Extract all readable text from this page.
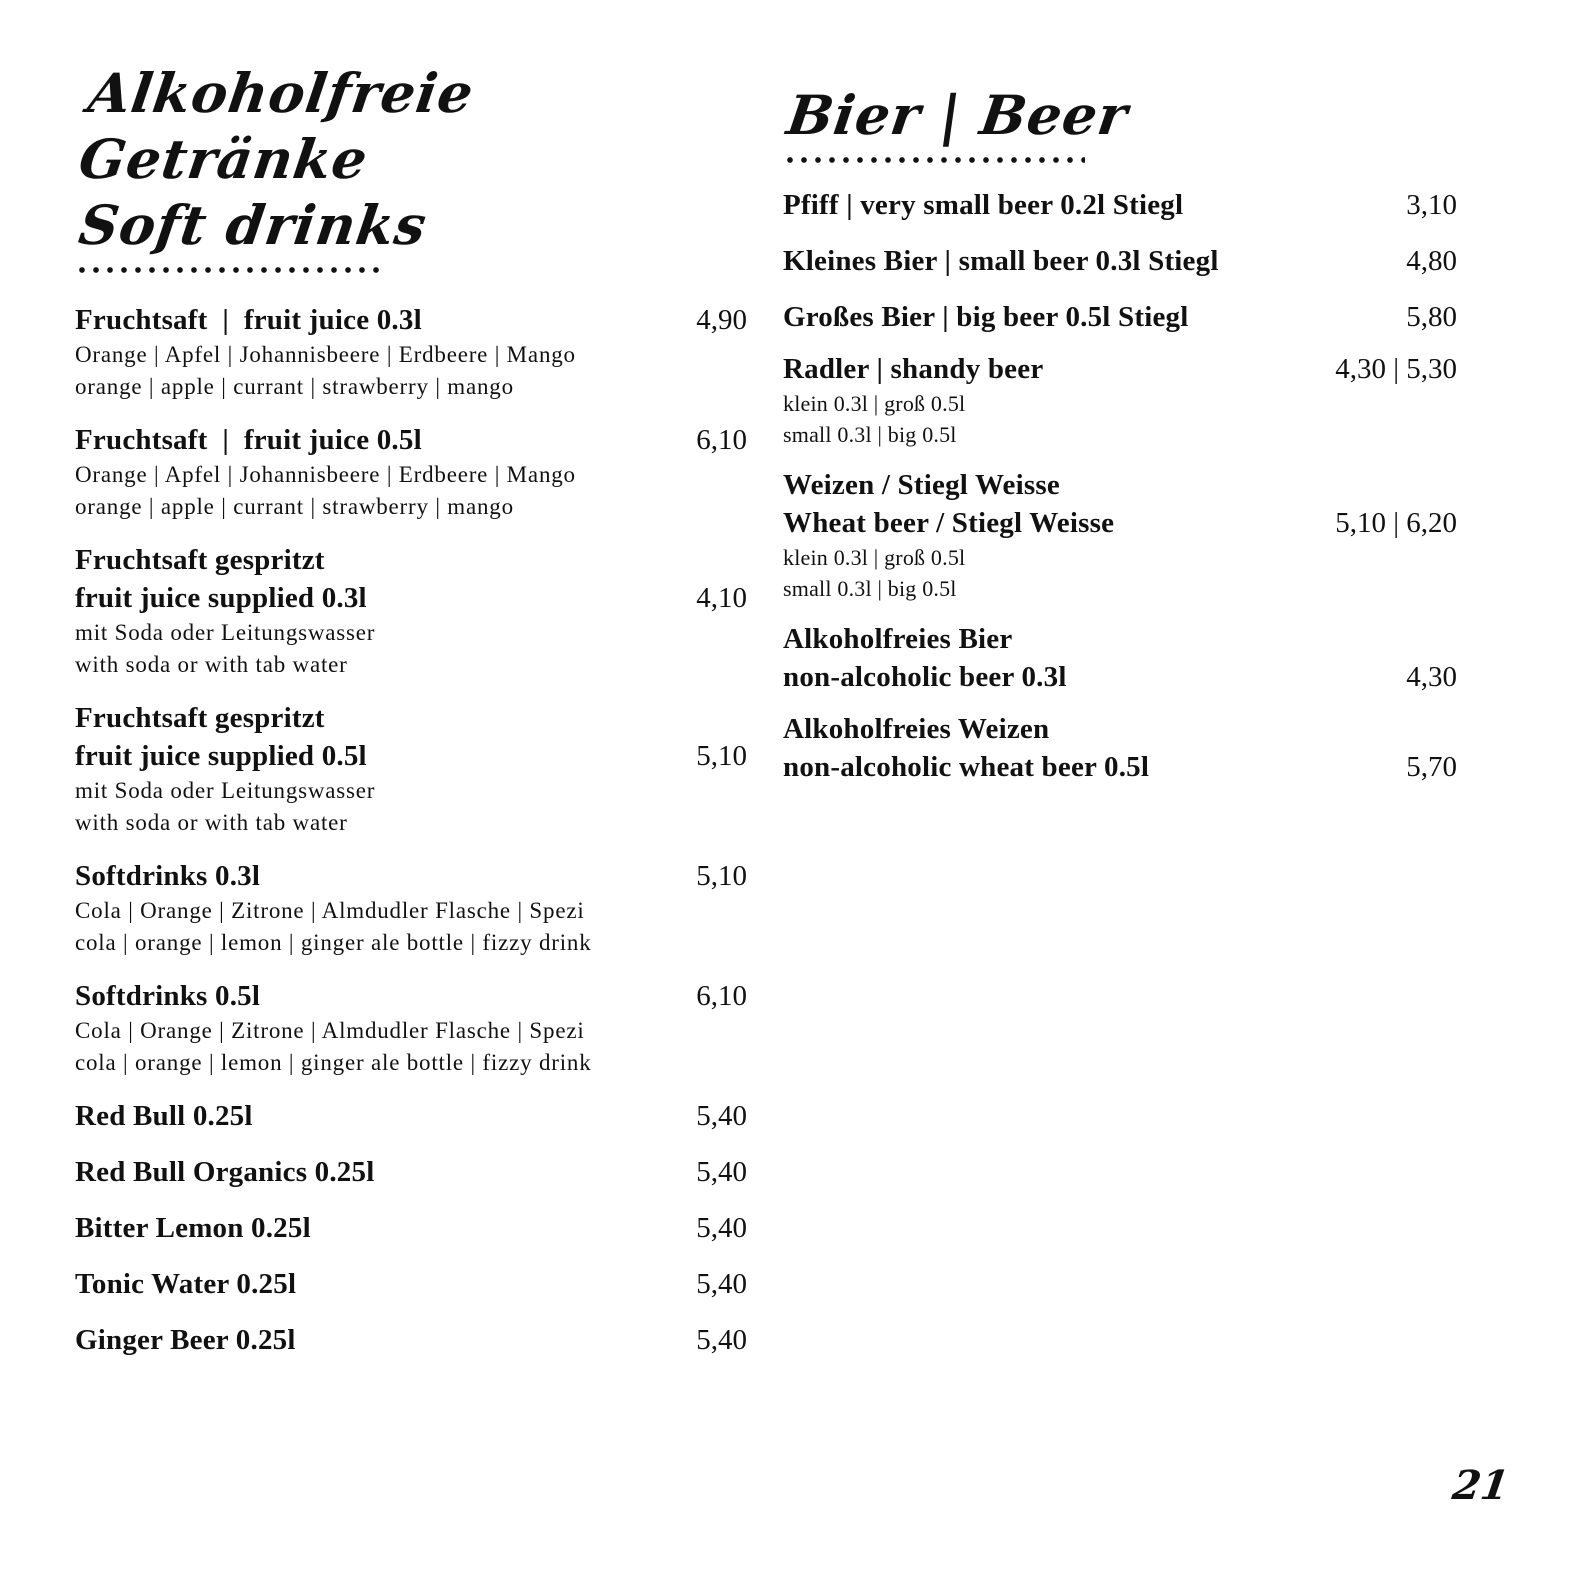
Alkoholfreie Getränke
Soft drinks
Fruchtsaft  |  fruit juice 0.3l	4,90
Orange | Apfel | Johannisbeere | Erdbeere | Mango
orange | apple | currant | strawberry | mango
Fruchtsaft  |  fruit juice 0.5l	6,10
Orange | Apfel | Johannisbeere | Erdbeere | Mango
orange | apple | currant | strawberry | mango
Fruchtsaft gespritzt
fruit juice supplied 0.3l	4,10
mit Soda oder Leitungswasser
with soda or with tab water
Fruchtsaft gespritzt
fruit juice supplied 0.5l	5,10
mit Soda oder Leitungswasser
with soda or with tab water
Softdrinks 0.3l	5,10
Cola | Orange | Zitrone | Almdudler Flasche | Spezi
cola | orange | lemon | ginger ale bottle | fizzy drink
Softdrinks 0.5l	6,10
Cola | Orange | Zitrone | Almdudler Flasche | Spezi
cola | orange | lemon | ginger ale bottle | fizzy drink
Red Bull 0.25l	5,40
Red Bull Organics 0.25l	5,40
Bitter Lemon 0.25l	5,40
Tonic Water 0.25l	5,40
Ginger Beer 0.25l	5,40
Bier | Beer
Pfiff | very small beer 0.2l Stiegl	3,10
Kleines Bier | small beer 0.3l Stiegl	4,80
Großes Bier | big beer 0.5l Stiegl	5,80
Radler | shandy beer	4,30 | 5,30
klein 0.3l | groß 0.5l
small 0.3l | big 0.5l
Weizen / Stiegl Weisse
Wheat beer / Stiegl Weisse	5,10 | 6,20
klein 0.3l | groß 0.5l
small 0.3l | big 0.5l
Alkoholfreies Bier
non-alcoholic beer 0.3l	4,30
Alkoholfreies Weizen
non-alcoholic wheat beer 0.5l	5,70
21
